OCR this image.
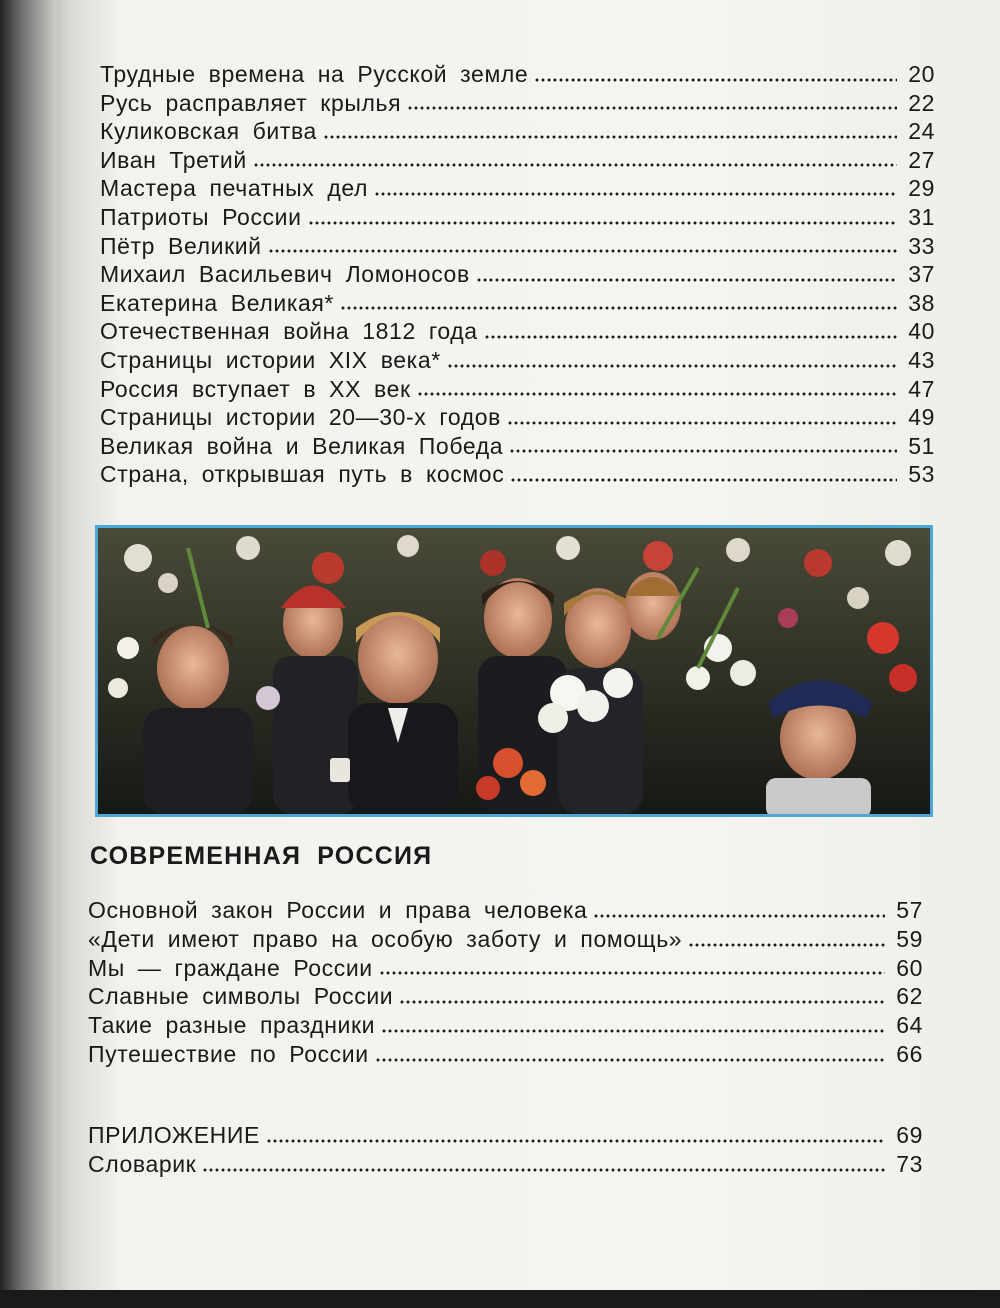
Трудные времена на Русской земле	20
Русь расправляет крылья	22
Куликовская битва	24
Иван Третий	27
Мастера печатных дел	29
Патриоты России	31
Пётр Великий	33
Михаил Васильевич Ломоносов	37
Екатерина Великая*	38
Отечественная война 1812 года	40
Страницы истории XIX века*	43
Россия вступает в XX век	47
Страницы истории 20—30-х годов	49
Великая война и Великая Победа	51
Страна, открывшая путь в космос	53
СОВРЕМЕННАЯ РОССИЯ
Основной закон России и права человека	57
«Дети имеют право на особую заботу и помощь»	59
Мы — граждане России	60
Славные символы России	62
Такие разные праздники	64
Путешествие по России	66
ПРИЛОЖЕНИЕ	69
Словарик	73
